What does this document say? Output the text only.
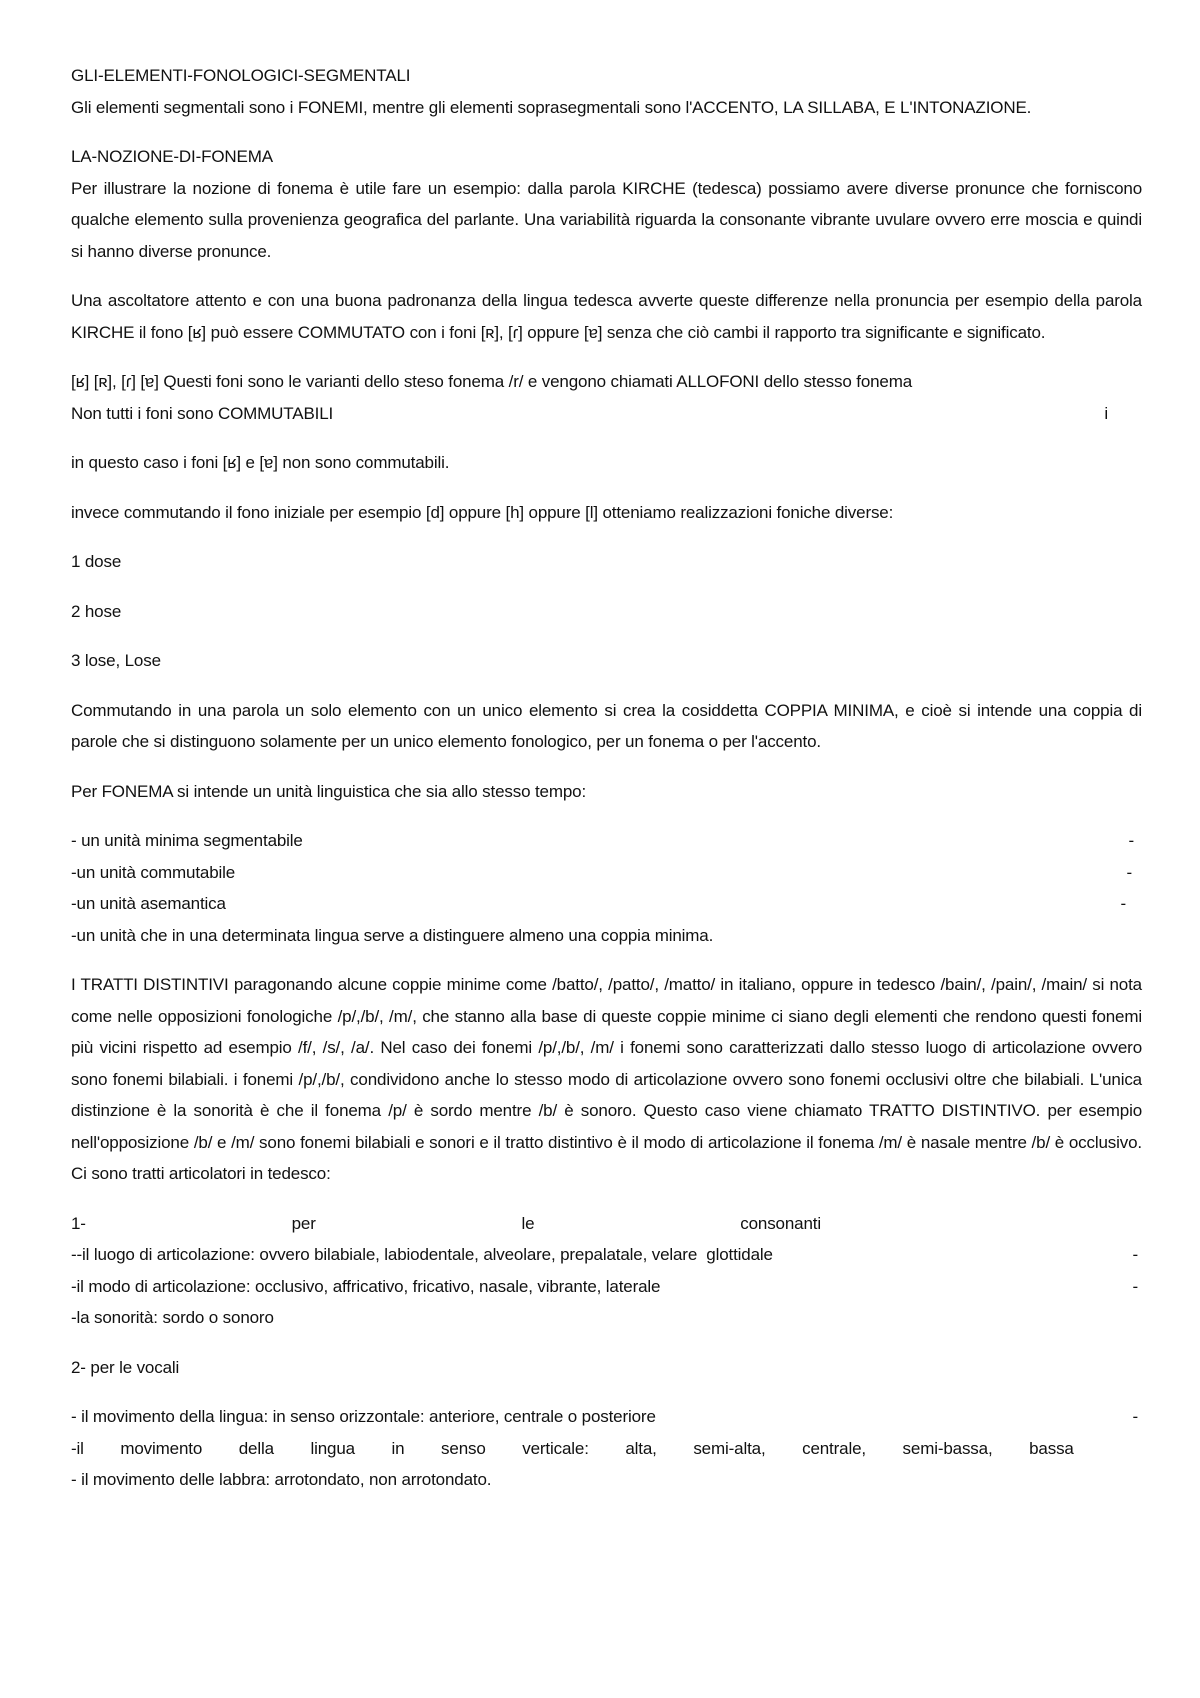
GLI-ELEMENTI-FONOLOGICI-SEGMENTALI

Gli elementi segmentali sono i FONEMI, mentre gli elementi soprasegmentali sono l'ACCENTO, LA SILLABA, E L'INTONAZIONE.

LA-NOZIONE-DI-FONEMA

Per illustrare la nozione di fonema è utile fare un esempio: dalla parola KIRCHE (tedesca) possiamo avere diverse pronunce che forniscono qualche elemento sulla provenienza geografica del parlante. Una variabilità riguarda la consonante vibrante uvulare ovvero erre moscia e quindi si hanno diverse pronunce.

Una ascoltatore attento e con una buona padronanza della lingua tedesca avverte queste differenze nella pronuncia per esempio della parola KIRCHE il fono [ʁ] può essere COMMUTATO con i foni [ʀ], [ɾ] oppure [ɐ] senza che ciò cambi il rapporto tra significante e significato.

[ʁ] [ʀ], [ɾ] [ɐ] Questi foni sono le varianti dello steso fonema /r/ e vengono chiamati ALLOFONI dello stesso fonema
Non tutti i foni sono COMMUTABILI	i

in questo caso i foni [ʁ] e [ɐ] non sono commutabili.

invece commutando il fono iniziale per esempio [d] oppure [h] oppure [l] otteniamo realizzazioni foniche diverse:

1 dose

2 hose

3 lose, Lose

Commutando in una parola un solo elemento con un unico elemento si crea la cosiddetta COPPIA MINIMA, e cioè si intende una coppia di parole che si distinguono solamente per un unico elemento fonologico, per un fonema o per l'accento.

Per FONEMA si intende un unità linguistica che sia allo stesso tempo:

- un unità minima segmentabile	-
-un unità commutabile	-
-un unità asemantica	-
-un unità che in una determinata lingua serve a distinguere almeno una coppia minima.

I TRATTI DISTINTIVI paragonando alcune coppie minime come /batto/, /patto/, /matto/ in italiano, oppure in tedesco /bain/, /pain/, /main/ si nota come nelle opposizioni fonologiche /p/,/b/, /m/, che stanno alla base di queste coppie minime ci siano degli elementi che rendono questi fonemi più vicini rispetto ad esempio /f/, /s/, /a/. Nel caso dei fonemi /p/,/b/, /m/ i fonemi sono caratterizzati dallo stesso luogo di articolazione ovvero sono fonemi bilabiali. i fonemi /p/,/b/, condividono anche lo stesso modo di articolazione ovvero sono fonemi occlusivi oltre che bilabiali. L'unica distinzione è la sonorità è che il fonema /p/ è sordo mentre /b/ è sonoro. Questo caso viene chiamato TRATTO DISTINTIVO. per esempio nell'opposizione /b/ e /m/ sono fonemi bilabiali e sonori e il tratto distintivo è il modo di articolazione il fonema /m/ è nasale mentre /b/ è occlusivo. Ci sono tratti articolatori in tedesco:

1-                                             per                                             le                                             consonanti
--il luogo di articolazione: ovvero bilabiale, labiodentale, alveolare, prepalatale, velare  glottidale	-
-il modo di articolazione: occlusivo, affricativo, fricativo, nasale, vibrante, laterale	-
-la sonorità: sordo o sonoro

2- per le vocali

- il movimento della lingua: in senso orizzontale: anteriore, centrale o posteriore	-
-il        movimento        della        lingua        in        senso        verticale:        alta,        semi-alta,        centrale,        semi-bassa,        bassa
- il movimento delle labbra: arrotondato, non arrotondato.
